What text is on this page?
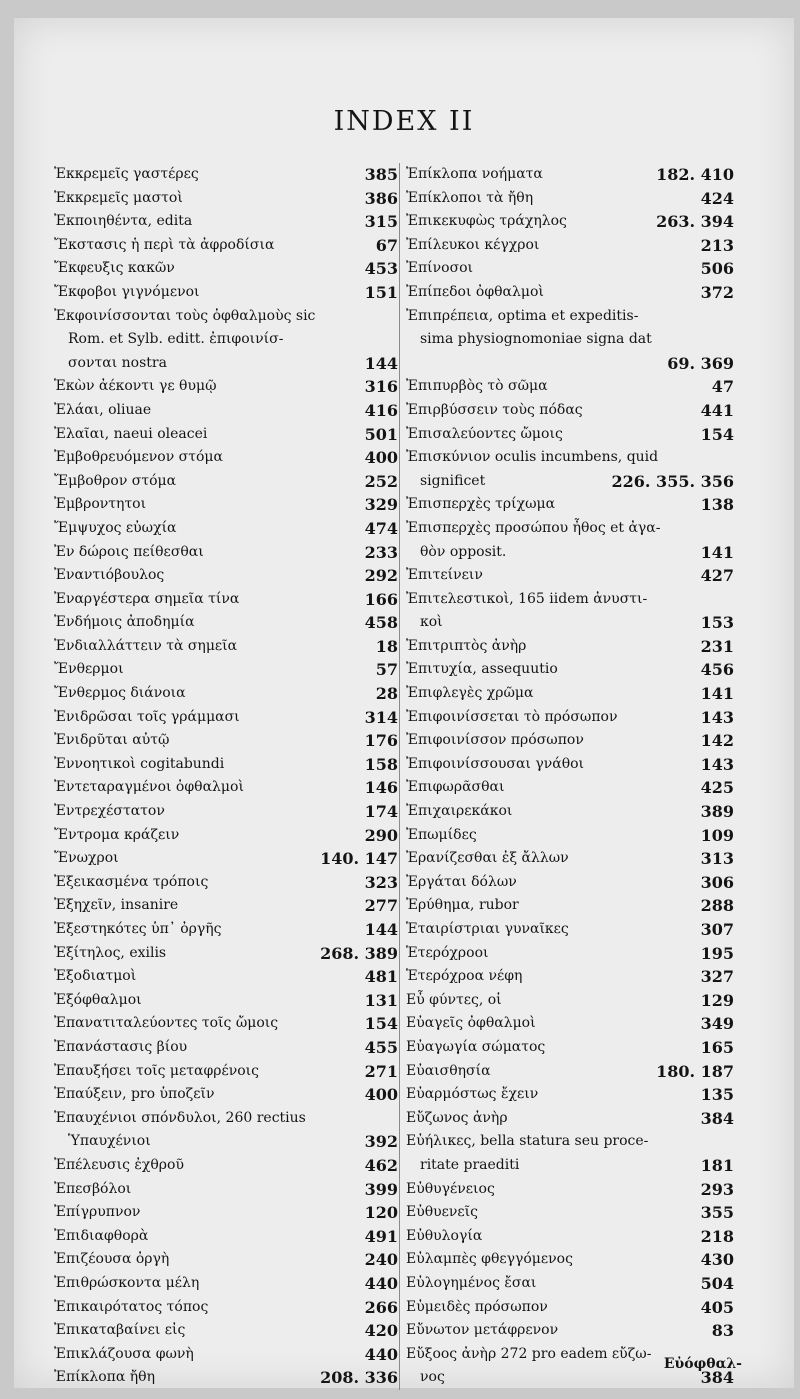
INDEX II
Ἐκκρεμεῖς γαστέρες	385
Ἐκκρεμεῖς μαστοὶ	386
Ἐκποιηθέντα, edita	315
Ἔκστασις ἡ περὶ τὰ ἀφροδίσια	67
Ἔκφευξις κακῶν	453
Ἔκφοβοι γιγνόμενοι	151
Ἐκφοινίσσονται τοὺς ὀφθαλμοὺς sic
Rom. et Sylb. editt. ἐπιφοινίσ-
σονται nostra	144
Ἑκὼν ἀέκοντι γε θυμῷ	316
Ἐλάαι, oliuae	416
Ἐλαῖαι, naeui oleacei	501
Ἐμβοθρευόμενον στόμα	400
Ἔμβοθρον στόμα	252
Ἐμβροντητοι	329
Ἔμψυχος εὐωχία	474
Ἐν δώροις πείθεσθαι	233
Ἐναντιόβουλος	292
Ἐναργέστερα σημεῖα τίνα	166
Ἐνδήμοις ἀποδημία	458
Ἐνδιαλλάττειν τὰ σημεῖα	18
Ἔνθερμοι	57
Ἔνθερμος διάνοια	28
Ἐνιδρῶσαι τοῖς γράμμασι	314
Ἐνιδρῦται αὐτῷ	176
Ἐννοητικοὶ cogitabundi	158
Ἐντεταραγμένοι ὀφθαλμοὶ	146
Ἐντρεχέστατον	174
Ἔντρομα κράζειν	290
Ἔνωχροι	140. 147
Ἐξεικασμένα τρόποις	323
Ἐξηχεῖν, insanire	277
Ἐξεστηκότες ὑπ᾽ ὀργῆς	144
Ἐξίτηλος, exilis	268. 389
Ἐξοδιατμοὶ	481
Ἐξόφθαλμοι	131
Ἐπανατιταλεύοντες τοῖς ὤμοις	154
Ἐπανάστασις βίου	455
Ἐπαυξήσει τοῖς μεταφρένοις	271
Ἐπαύξειν, pro ὑποζεῖν	400
Ἐπαυχένιοι σπόνδυλοι, 260 rectius
Ὑπαυχένιοι	392
Ἐπέλευσις ἐχθροῦ	462
Ἐπεσβόλοι	399
Ἐπίγρυπνον	120
Ἐπιδιαφθορὰ	491
Ἐπιζέουσα ὀργὴ	240
Ἐπιθρώσκοντα μέλη	440
Ἐπικαιρότατος τόπος	266
Ἐπικαταβαίνει εἰς	420
Ἐπικλάζουσα φωνὴ	440
Ἐπίκλοπα ἤθη	208. 336
Ἐπίκλοπα νοήματα	182. 410
Ἐπίκλοποι τὰ ἤθη	424
Ἐπικεκυφὼς τράχηλος	263. 394
Ἐπίλευκοι κέγχροι	213
Ἐπίνοσοι	506
Ἐπίπεδοι ὀφθαλμοὶ	372
Ἐπιπρέπεια, optima et expeditis-
sima physiognomoniae signa dat
69. 369
Ἐπιπυρβὸς τὸ σῶμα	47
Ἐπιρβύσσειν τοὺς πόδας	441
Ἐπισαλεύοντες ὤμοις	154
Ἐπισκύνιον oculis incumbens, quid
significet	226. 355. 356
Ἐπισπερχὲς τρίχωμα	138
Ἐπισπερχὲς προσώπου ἦθος et ἀγα-
θὸν opposit.	141
Ἐπιτείνειν	427
Ἐπιτελεστικοὶ, 165 iidem ἀνυστι-
κοὶ	153
Ἐπιτριπτὸς ἀνὴρ	231
Ἐπιτυχία, assequutio	456
Ἐπιφλεγὲς χρῶμα	141
Ἐπιφοινίσσεται τὸ πρόσωπον	143
Ἐπιφοινίσσον πρόσωπον	142
Ἐπιφοινίσσουσαι γνάθοι	143
Ἐπιφωρᾶσθαι	425
Ἐπιχαιρεκάκοι	389
Ἐπωμίδες	109
Ἐρανίζεσθαι ἐξ ἄλλων	313
Ἐργάται δόλων	306
Ἐρύθημα, rubor	288
Ἑταιρίστριαι γυναῖκες	307
Ἑτερόχροοι	195
Ἑτερόχροα νέφη	327
Εὖ φύντες, οἱ	129
Εὐαγεῖς ὀφθαλμοὶ	349
Εὐαγωγία σώματος	165
Εὐαισθησία	180. 187
Εὐαρμόστως ἔχειν	135
Εὔζωνος ἀνὴρ	384
Εὐήλικες, bella statura seu proce-
ritate praediti	181
Εὐθυγένειος	293
Εὐθυενεῖς	355
Εὐθυλογία	218
Εὐλαμπὲς φθεγγόμενος	430
Εὐλογημένος ἔσαι	504
Εὐμειδὲς πρόσωπον	405
Εὔνωτον μετάφρενον	83
Εὔξοος ἀνὴρ 272 pro eadem εὔζω-
νος	384
Εὐόφθαλ-
